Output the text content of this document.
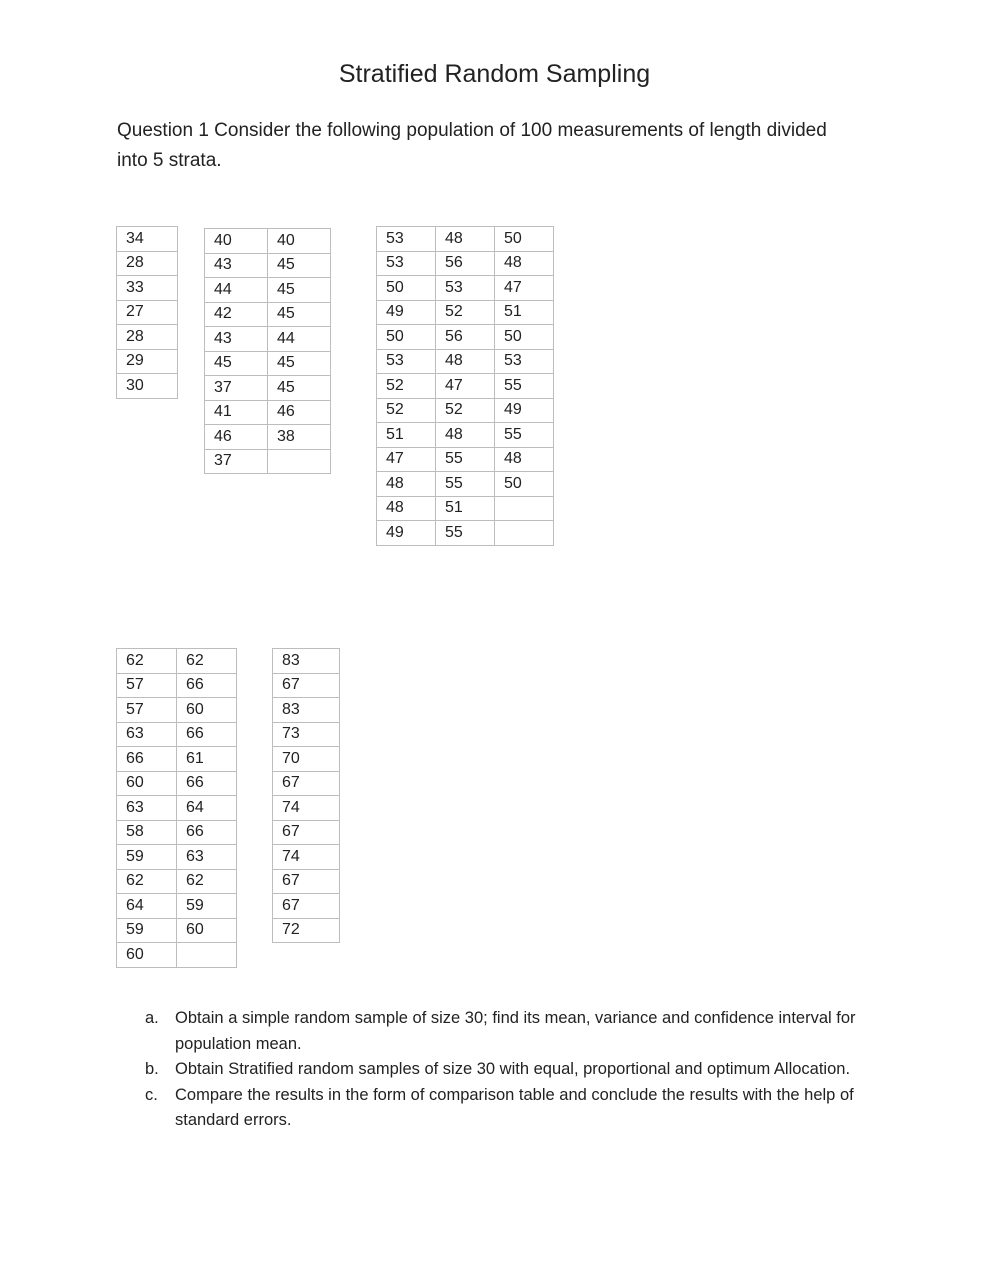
Stratified Random Sampling
Question 1 Consider the following population of 100 measurements of length divided into 5 strata.
34
28
33
27
28
29
30
40	40
43	45
44	45
42	45
43	44
45	45
37	45
41	46
46	38
37	
53	48	50
53	56	48
50	53	47
49	52	51
50	56	50
53	48	53
52	47	55
52	52	49
51	48	55
47	55	48
48	55	50
48	51	
49	55	
62	62
57	66
57	60
63	66
66	61
60	66
63	64
58	66
59	63
62	62
64	59
59	60
60	
83
67
83
73
70
67
74
67
74
67
67
72
a. Obtain a simple random sample of size 30; find its mean, variance and confidence interval for population mean.
b. Obtain Stratified random samples of size 30 with equal, proportional and optimum Allocation.
c. Compare the results in the form of comparison table and conclude the results with the help of standard errors.
